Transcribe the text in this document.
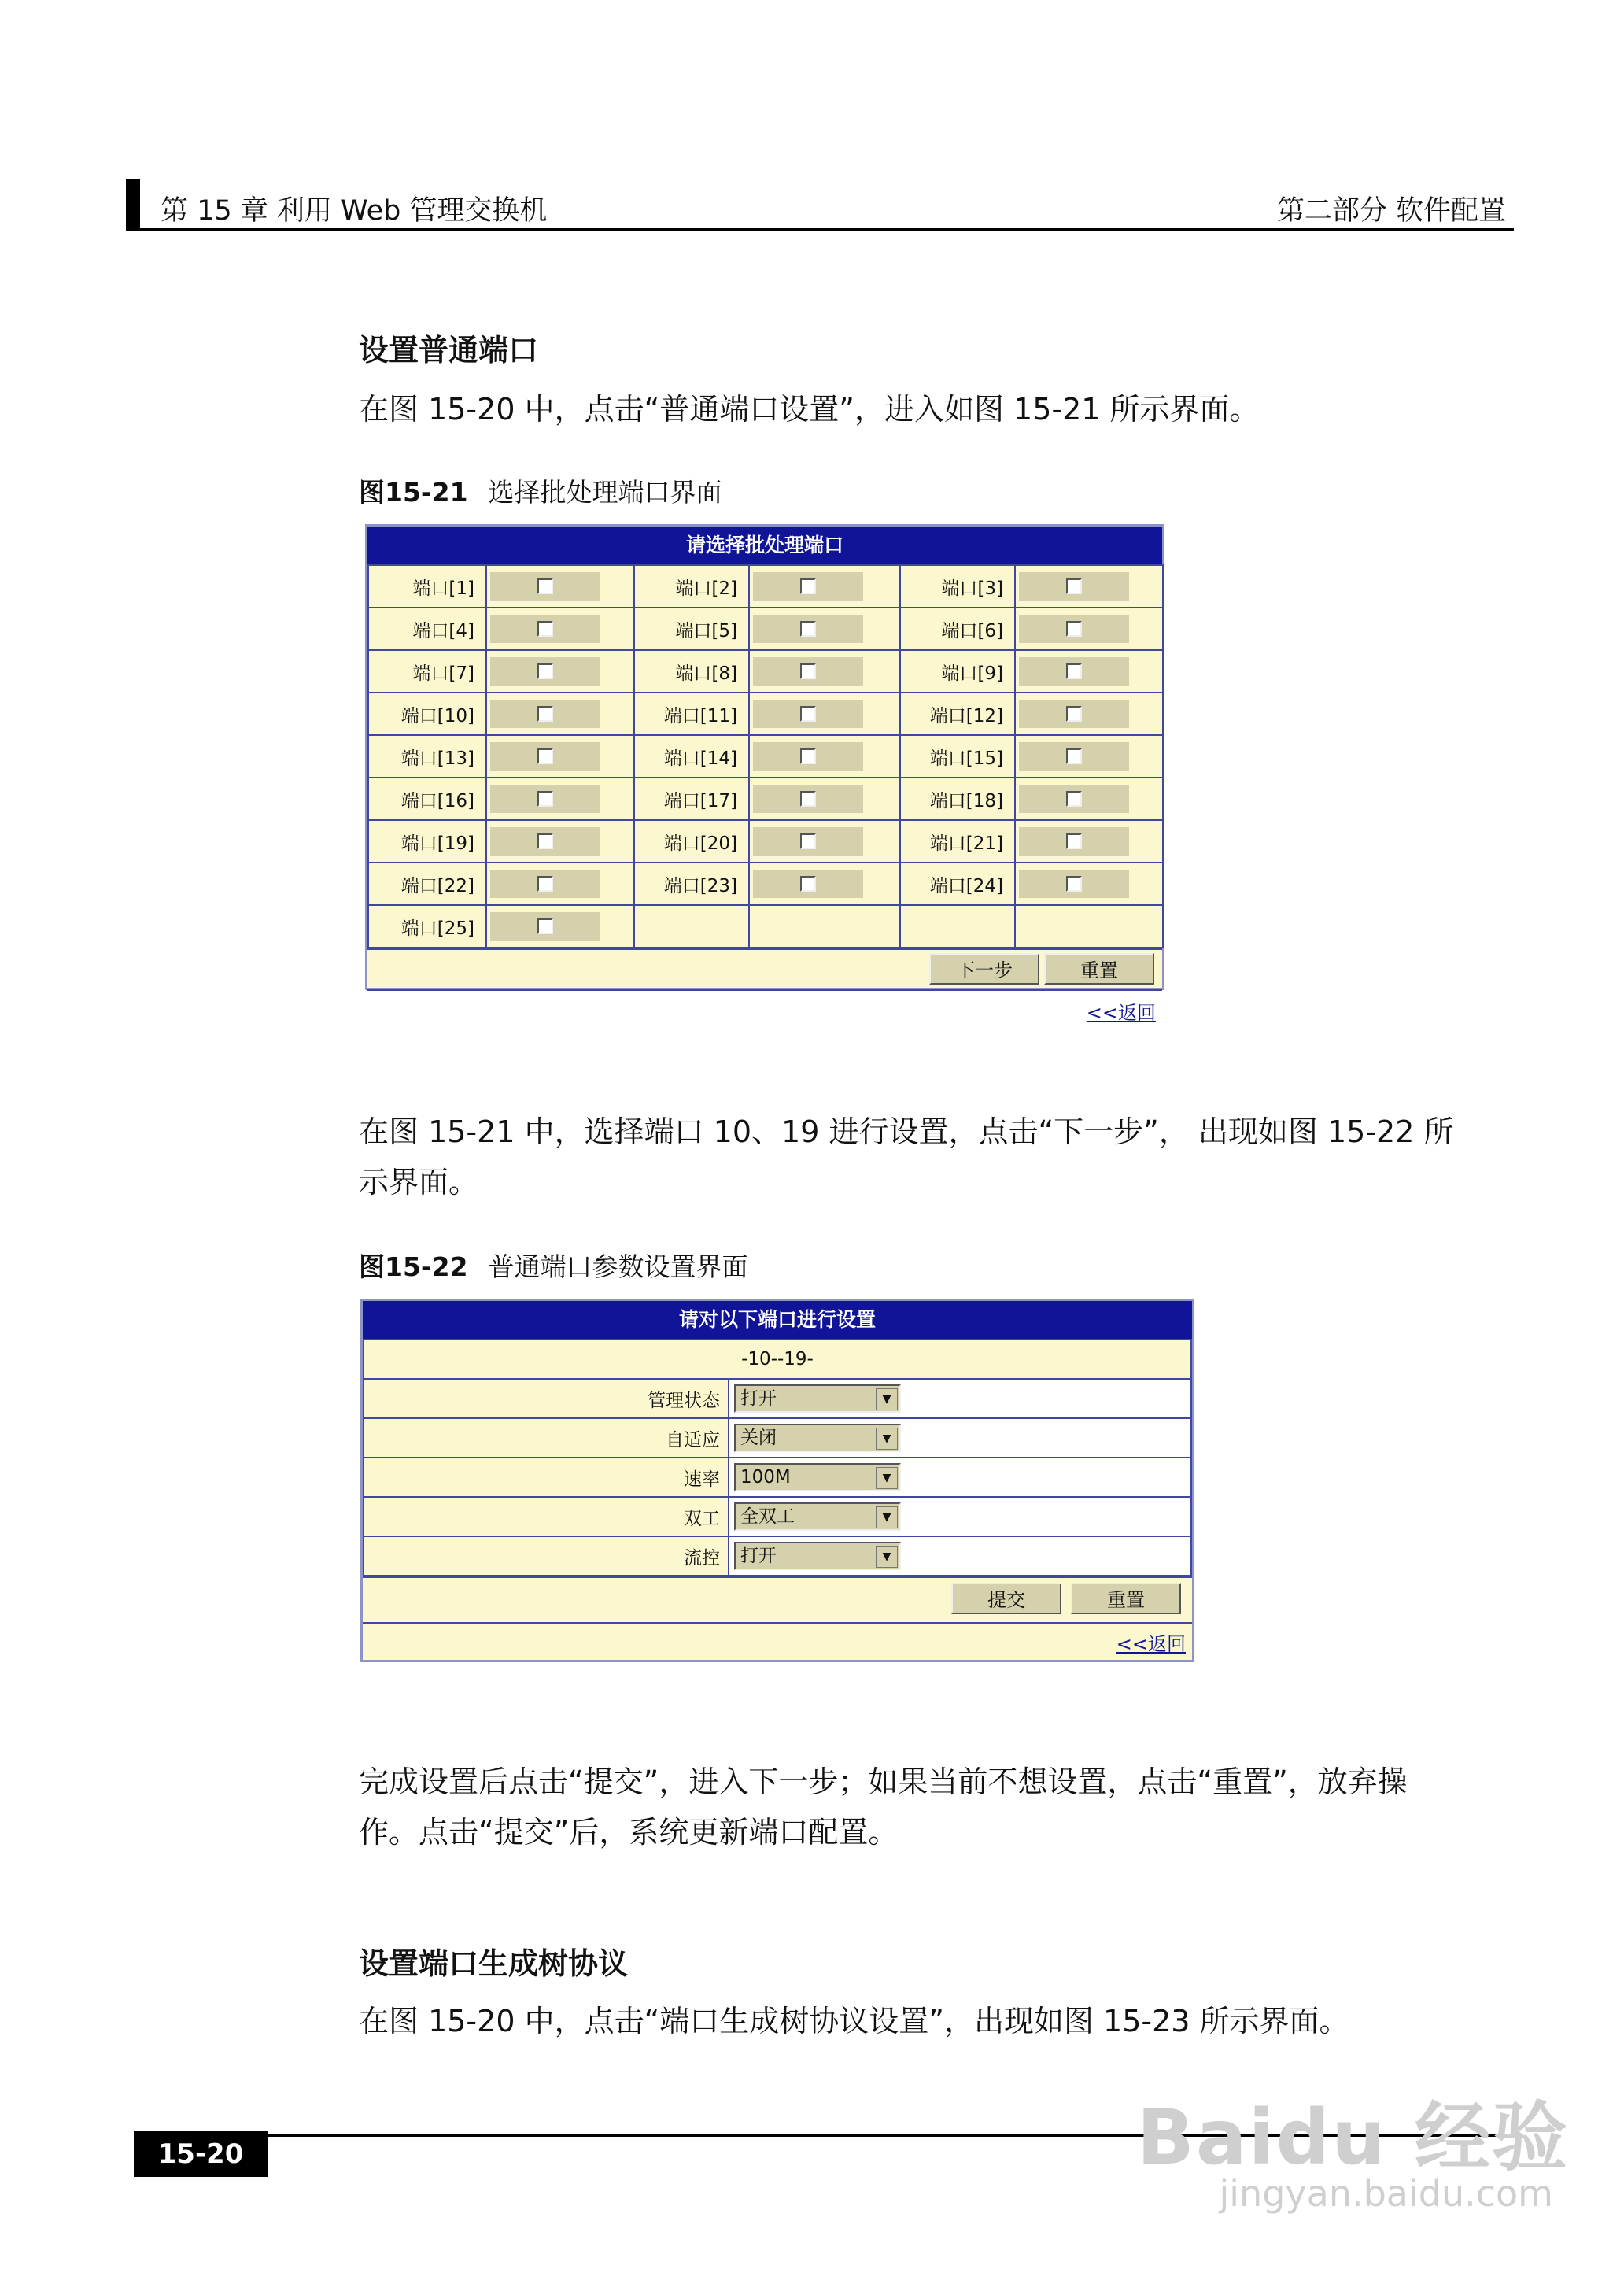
第 15 章 利用 Web 管理交换机	第二部分 软件配置
设置普通端口
在图 15-20 中，点击“普通端口设置”，进入如图 15-21 所示界面。
图15-21 选择批处理端口界面
请选择批处理端口
端口[1]		端口[2]		端口[3]	

端口[4]		端口[5]		端口[6]	

端口[7]		端口[8]		端口[9]	

端口[10]		端口[11]		端口[12]	

端口[13]		端口[14]		端口[15]	

端口[16]		端口[17]		端口[18]	

端口[19]		端口[20]		端口[21]	

端口[22]		端口[23]		端口[24]	

端口[25]	

下一步	重置
<<返回
在图 15-21 中，选择端口 10、19 进行设置，点击“下一步”， 出现如图 15-22 所
示界面。
图15-22 普通端口参数设置界面
请对以下端口进行设置
-10--19-	
管理状态	打开 ▼

自适应	关闭 ▼

速率	100M ▼

双工	全双工 ▼

流控	打开 ▼
提交	重置
<<返回
完成设置后点击“提交”，进入下一步；如果当前不想设置，点击“重置”，放弃操
作。点击“提交”后，系统更新端口配置。
设置端口生成树协议
在图 15-20 中，点击“端口生成树协议设置”，出现如图 15-23 所示界面。
15-20	Baidu 经验
jingyan.baidu.com
